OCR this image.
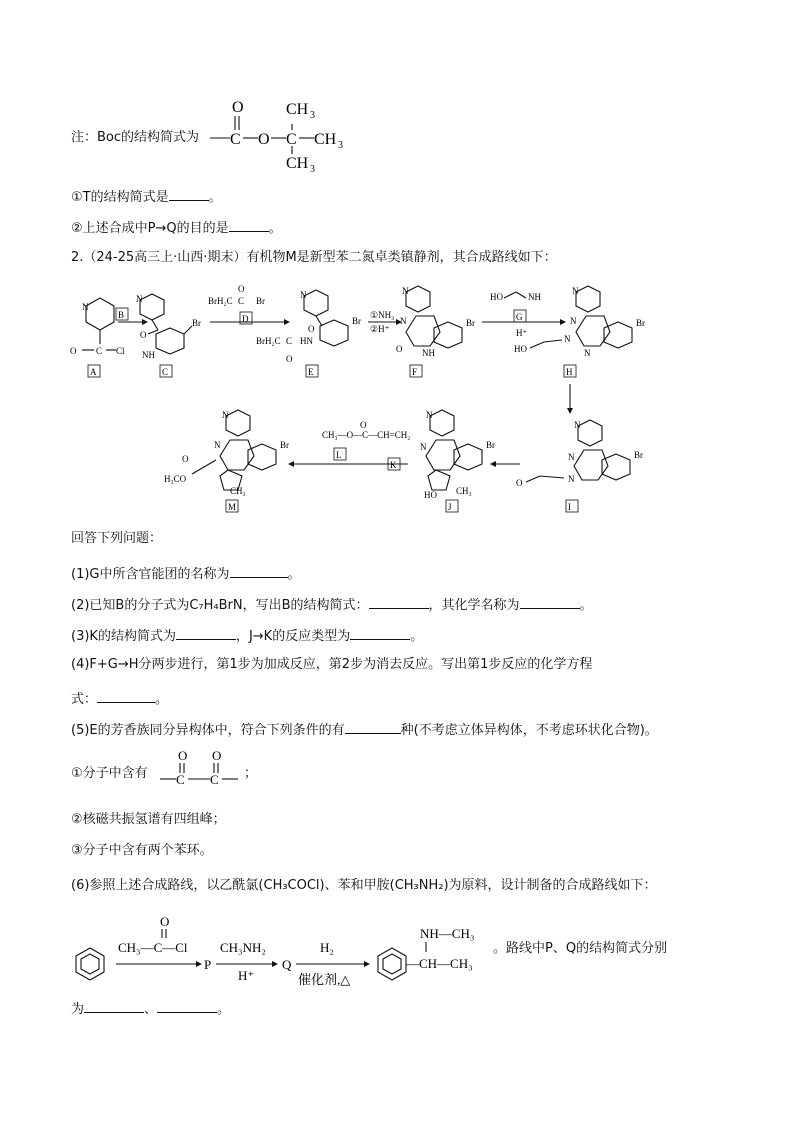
注：Boc的结构简式为
O
C O C
CH 3
CH 3
CH 3
①T的结构简式是	。
②上述合成中P→Q的目的是	。
2.（24-25高三上·山西·期末）有机物M是新型苯二氮卓类镇静剂，其合成路线如下：
N
C
O	Cl
A
B
N
O
Br
NH
C
BrH₂C C Br
O
D
N
O
Br
BrH₂C C HN
O
E
①NH₃
②H⁺
N
N	Br
NH
O
F
HO	NH
G
H⁺
N
N	Br
N
N
HO
H
N
N	Br
N
O
I
N
N	Br
HO CH₃
J
CH₃—O—C—CH=CH₂
O
L
K
N
N	Br
CH₃
H₃CO
O
M
回答下列问题：
(1)G中所含官能团的名称为	。
(2)已知B的分子式为C₇H₄BrN，写出B的结构简式：	，其化学名称为	。
(3)K的结构简式为	，J→K的反应类型为	。
(4)F+G→H分两步进行，第1步为加成反应，第2步为消去反应。写出第1步反应的化学方程
式：	。
(5)E的芳香族同分异构体中，符合下列条件的有	种(不考虑立体异构体，不考虑环状化合物)。
①分子中含有
O O
C C ；
②核磁共振氢谱有四组峰；
③分子中含有两个苯环。
(6)参照上述合成路线，以乙酰氯(CH₃COCl)、苯和甲胺(CH₃NH₂)为原料，设计制备的合成路线如下：
O
CH₃—C—Cl
P
CH₃NH₂
H⁺
Q
H₂
催化剂,△
NH—CH₃
—CH—CH₃
。路线中P、Q的结构简式分别
为	、	。
